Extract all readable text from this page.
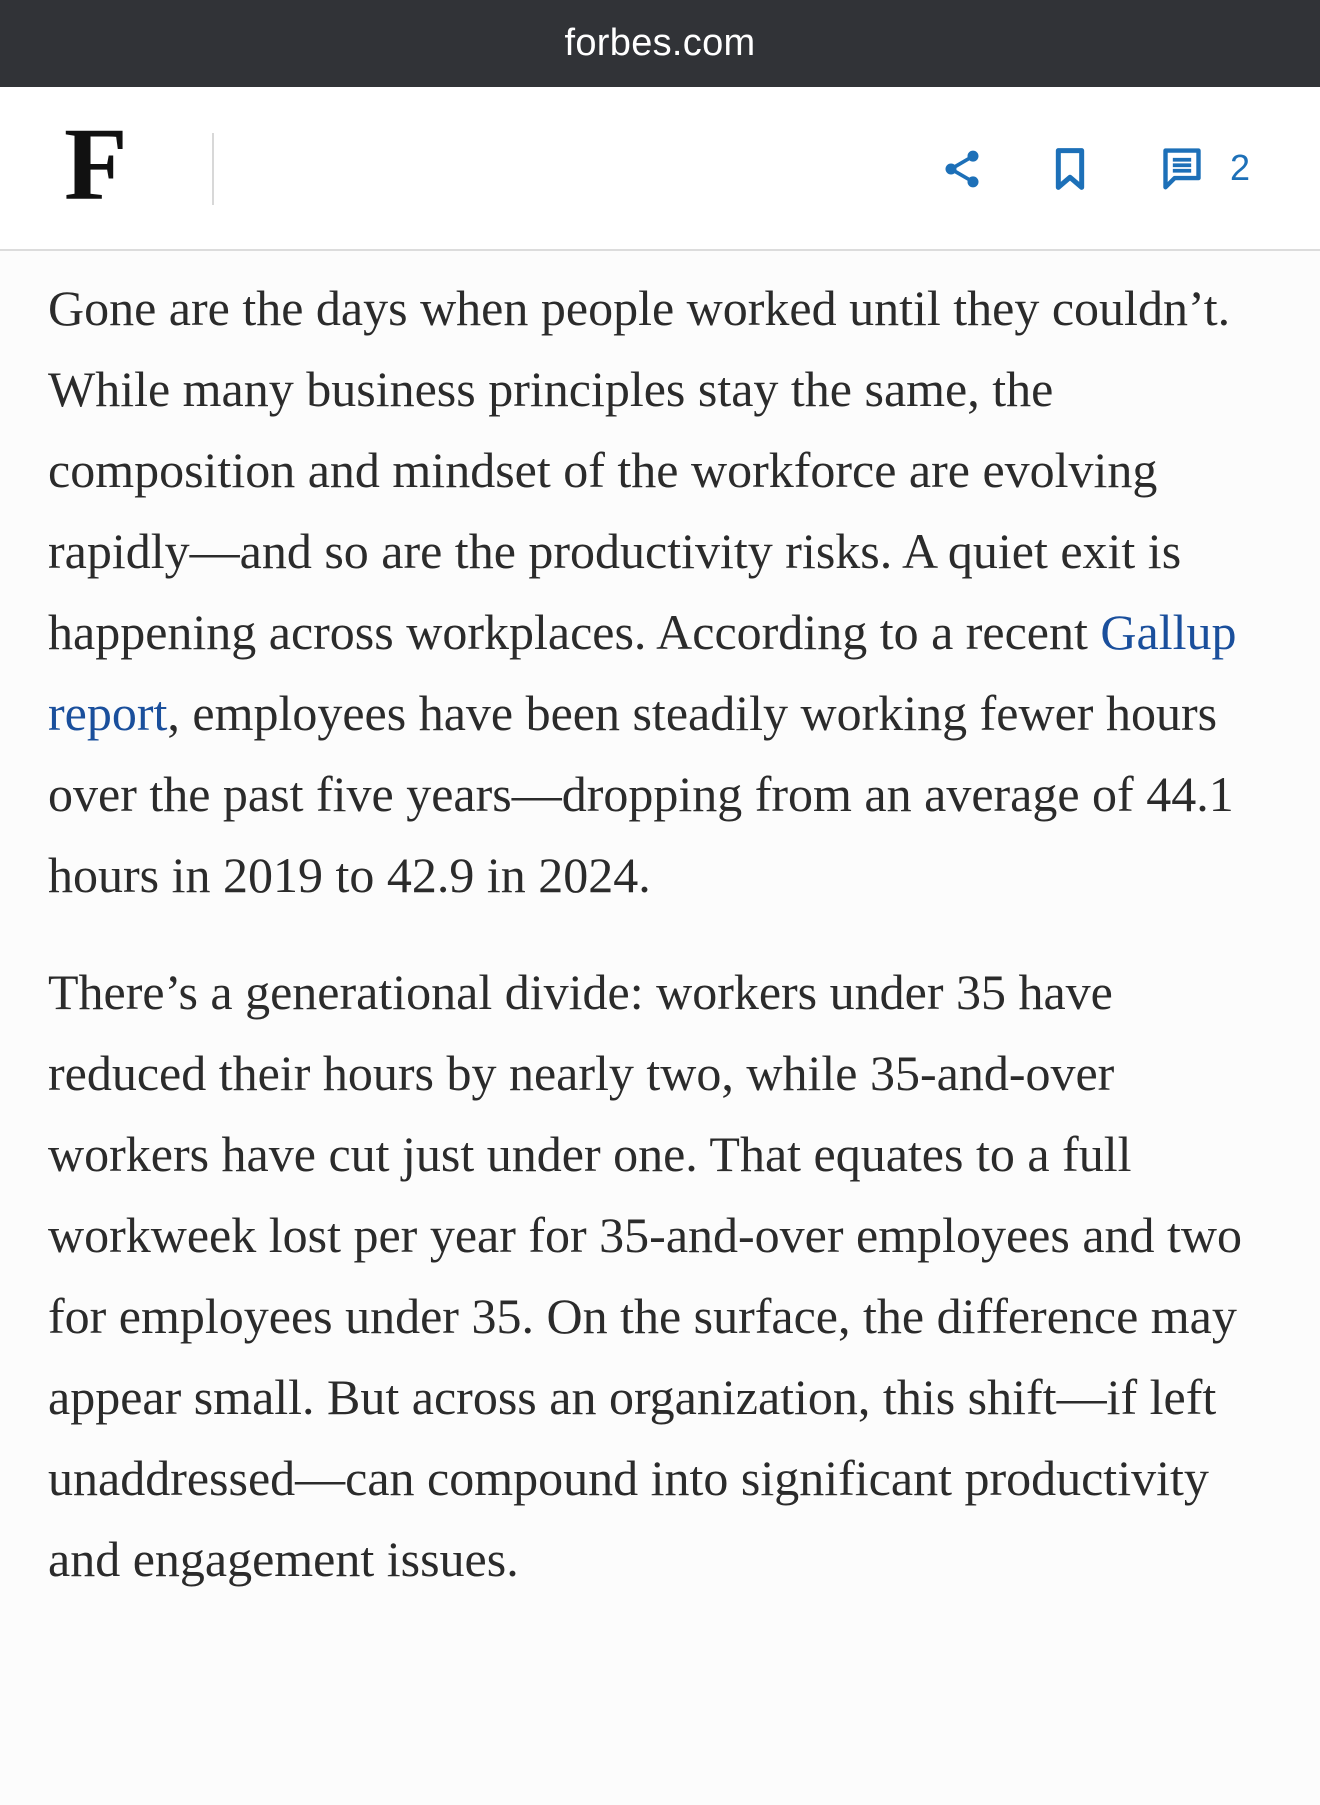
forbes.com
F	2

Gone are the days when people worked until they couldn’t. While many business principles stay the same, the composition and mindset of the workforce are evolving rapidly—and so are the productivity risks. A quiet exit is happening across workplaces. According to a recent Gallup report, employees have been steadily working fewer hours over the past five years—dropping from an average of 44.1 hours in 2019 to 42.9 in 2024.

There’s a generational divide: workers under 35 have reduced their hours by nearly two, while 35-and-over workers have cut just under one. That equates to a full workweek lost per year for 35-and-over employees and two for employees under 35. On the surface, the difference may appear small. But across an organization, this shift—if left unaddressed—can compound into significant productivity and engagement issues.
